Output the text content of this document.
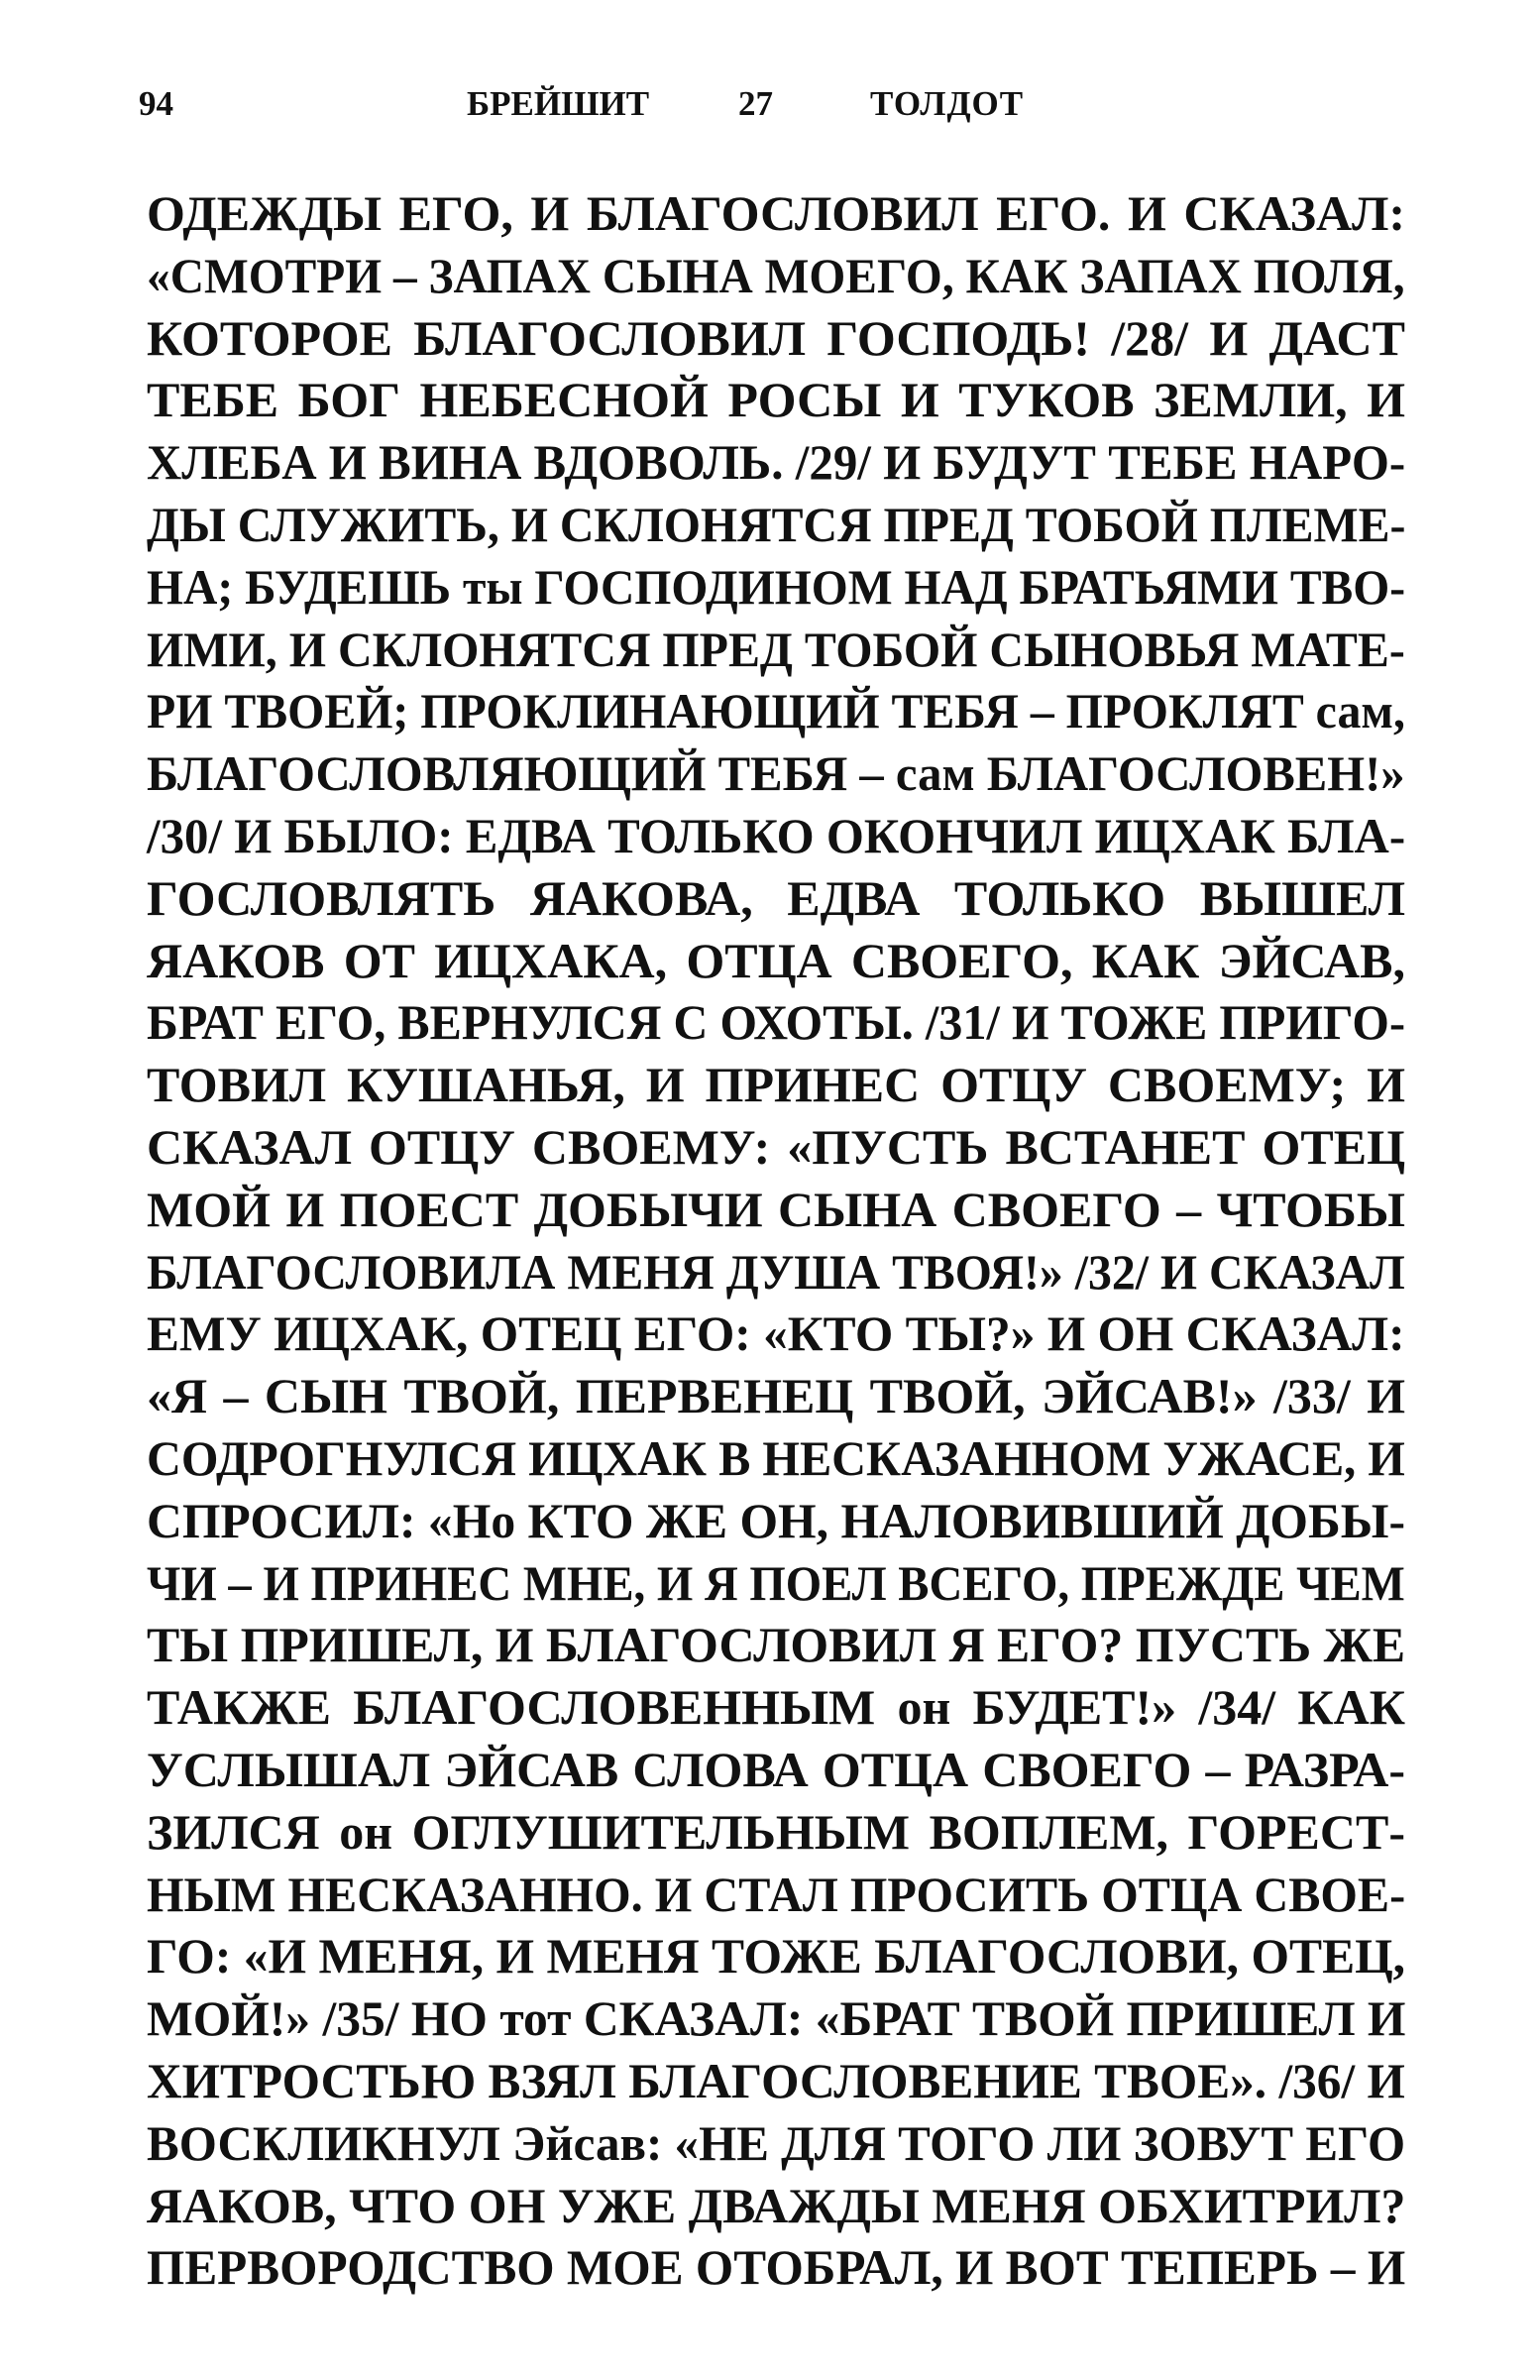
94	БРЕЙШИТ	27	ТОЛДОТ
ОДЕЖДЫ ЕГО, И БЛАГОСЛОВИЛ ЕГО. И СКАЗАЛ:
«СМОТРИ – ЗАПАХ СЫНА МОЕГО, КАК ЗАПАХ ПОЛЯ,
КОТОРОЕ БЛАГОСЛОВИЛ ГОСПОДЬ! /28/ И ДАСТ
ТЕБЕ БОГ НЕБЕСНОЙ РОСЫ И ТУКОВ ЗЕМЛИ, И
ХЛЕБА И ВИНА ВДОВОЛЬ. /29/ И БУДУТ ТЕБЕ НАРО-
ДЫ СЛУЖИТЬ, И СКЛОНЯТСЯ ПРЕД ТОБОЙ ПЛЕМЕ-
НА; БУДЕШЬ ты ГОСПОДИНОМ НАД БРАТЬЯМИ ТВО-
ИМИ, И СКЛОНЯТСЯ ПРЕД ТОБОЙ СЫНОВЬЯ МАТЕ-
РИ ТВОЕЙ; ПРОКЛИНАЮЩИЙ ТЕБЯ – ПРОКЛЯТ сам,
БЛАГОСЛОВЛЯЮЩИЙ ТЕБЯ – сам БЛАГОСЛОВЕН!»
/30/ И БЫЛО: ЕДВА ТОЛЬКО ОКОНЧИЛ ИЦХАК БЛА-
ГОСЛОВЛЯТЬ ЯАКОВА, ЕДВА ТОЛЬКО ВЫШЕЛ
ЯАКОВ ОТ ИЦХАКА, ОТЦА СВОЕГО, КАК ЭЙСАВ,
БРАТ ЕГО, ВЕРНУЛСЯ С ОХОТЫ. /31/ И ТОЖЕ ПРИГО-
ТОВИЛ КУШАНЬЯ, И ПРИНЕС ОТЦУ СВОЕМУ; И
СКАЗАЛ ОТЦУ СВОЕМУ: «ПУСТЬ ВСТАНЕТ ОТЕЦ
МОЙ И ПОЕСТ ДОБЫЧИ СЫНА СВОЕГО – ЧТОБЫ
БЛАГОСЛОВИЛА МЕНЯ ДУША ТВОЯ!» /32/ И СКАЗАЛ
ЕМУ ИЦХАК, ОТЕЦ ЕГО: «КТО ТЫ?» И ОН СКАЗАЛ:
«Я – СЫН ТВОЙ, ПЕРВЕНЕЦ ТВОЙ, ЭЙСАВ!» /33/ И
СОДРОГНУЛСЯ ИЦХАК В НЕСКАЗАННОМ УЖАСЕ, И
СПРОСИЛ: «Но КТО ЖЕ ОН, НАЛОВИВШИЙ ДОБЫ-
ЧИ – И ПРИНЕС МНЕ, И Я ПОЕЛ ВСЕГО, ПРЕЖДЕ ЧЕМ
ТЫ ПРИШЕЛ, И БЛАГОСЛОВИЛ Я ЕГО? ПУСТЬ ЖЕ
ТАКЖЕ БЛАГОСЛОВЕННЫМ он БУДЕТ!» /34/ КАК
УСЛЫШАЛ ЭЙСАВ СЛОВА ОТЦА СВОЕГО – РАЗРА-
ЗИЛСЯ он ОГЛУШИТЕЛЬНЫМ ВОПЛЕМ, ГОРЕСТ-
НЫМ НЕСКАЗАННО. И СТАЛ ПРОСИТЬ ОТЦА СВОЕ-
ГО: «И МЕНЯ, И МЕНЯ ТОЖЕ БЛАГОСЛОВИ, ОТЕЦ,
МОЙ!» /35/ НО тот СКАЗАЛ: «БРАТ ТВОЙ ПРИШЕЛ И
ХИТРОСТЬЮ ВЗЯЛ БЛАГОСЛОВЕНИЕ ТВОЕ». /36/ И
ВОСКЛИКНУЛ Эйсав: «НЕ ДЛЯ ТОГО ЛИ ЗОВУТ ЕГО
ЯАКОВ, ЧТО ОН УЖЕ ДВАЖДЫ МЕНЯ ОБХИТРИЛ?
ПЕРВОРОДСТВО МОЕ ОТОБРАЛ, И ВОТ ТЕПЕРЬ – И
